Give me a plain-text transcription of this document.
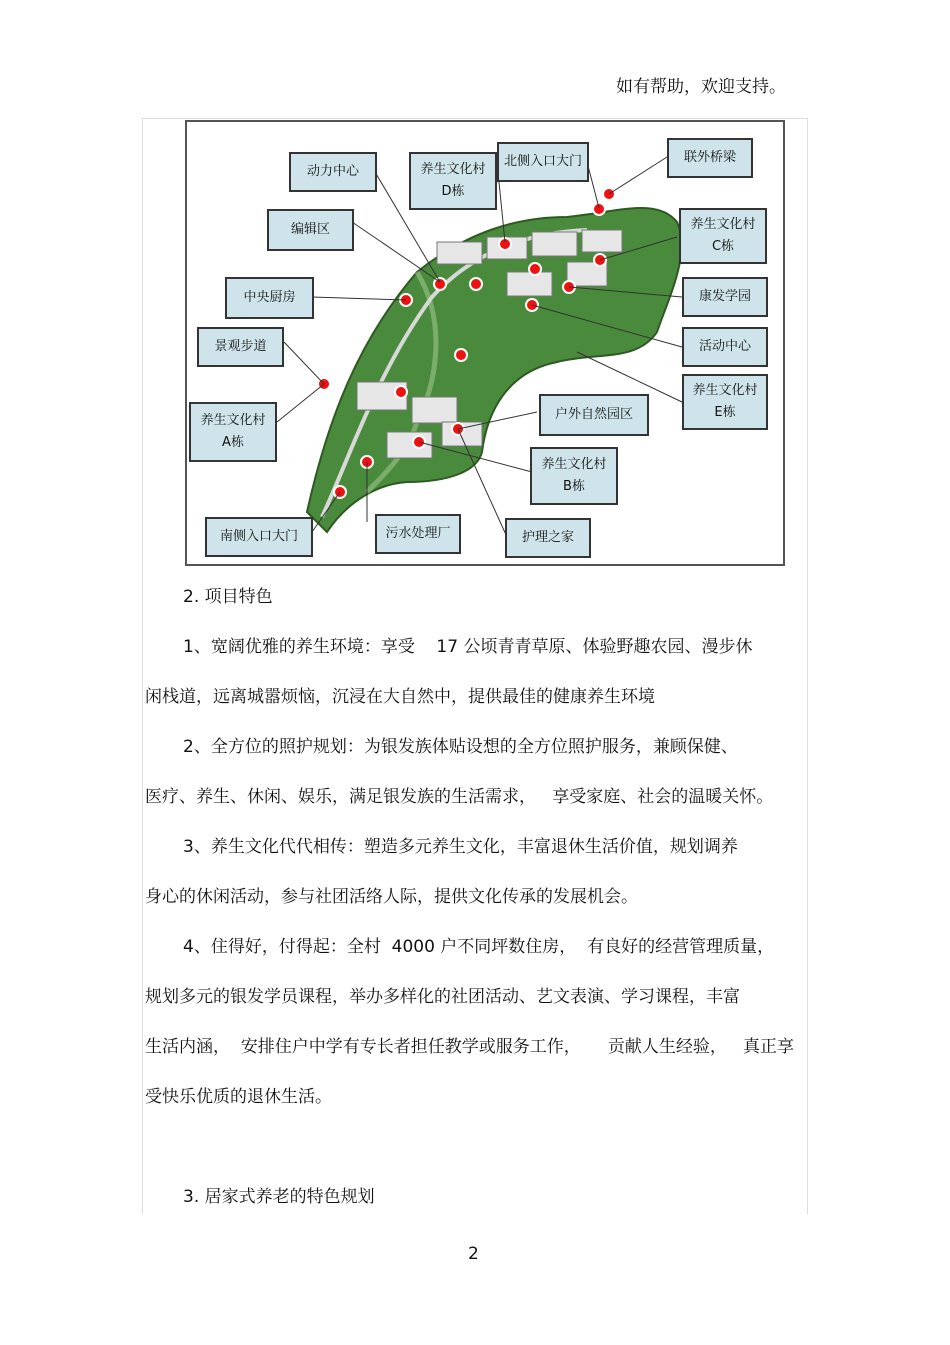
如有帮助，欢迎支持。
动力中心	养生文化村 D栋
北侧入口大门	联外桥梁
养生文化村 C栋
编辑区
中央厨房	康发学园
景观步道	活动中心
养生文化村 E栋
户外自然园区
养生文化村 A栋
养生文化村 B栋
南侧入口大门	污水处理厂	护理之家
2. 项目特色
1、宽阔优雅的养生环境：享受    17 公顷青青草原、体验野趣农园、漫步休
闲栈道，远离城嚣烦恼，沉浸在大自然中，提供最佳的健康养生环境
2、全方位的照护规划：为银发族体贴设想的全方位照护服务，兼顾保健、
医疗、养生、休闲、娱乐，满足银发族的生活需求，   享受家庭、社会的温暖关怀。
3、养生文化代代相传：塑造多元养生文化，丰富退休生活价值，规划调养
身心的休闲活动，参与社团活络人际，提供文化传承的发展机会。
4、住得好，付得起：全村  4000 户不同坪数住房，  有良好的经营管理质量，
规划多元的银发学员课程，举办多样化的社团活动、艺文表演、学习课程，丰富
生活内涵，  安排住户中学有专长者担任教学或服务工作，     贡献人生经验，   真正享
受快乐优质的退休生活。
3. 居家式养老的特色规划
2
